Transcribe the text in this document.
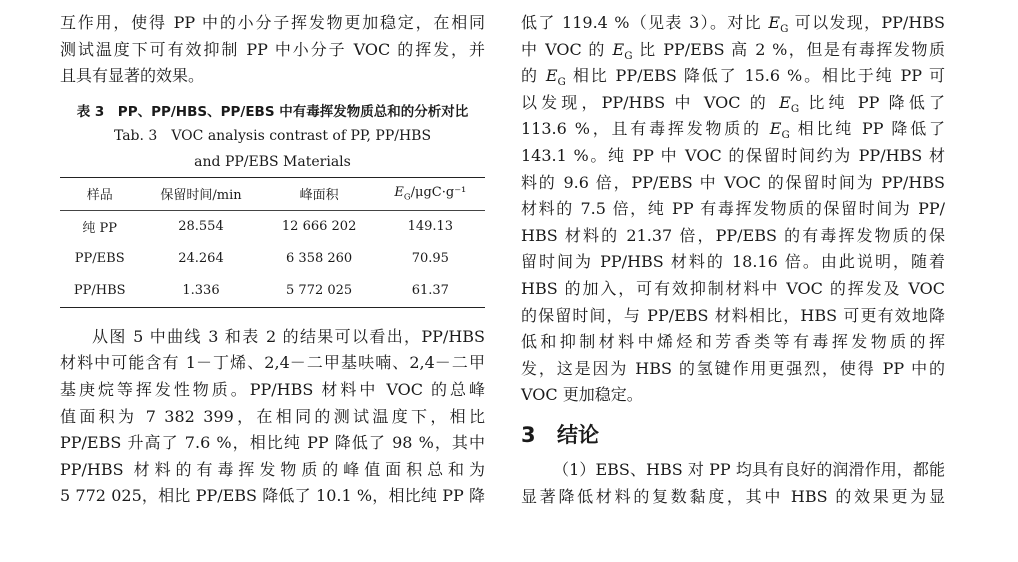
互作用，使得 PP 中的小分子挥发物更加稳定，在相同
测试温度下可有效抑制 PP 中小分子 VOC 的挥发，并
且具有显著的效果。
表 3　PP、PP/HBS、PP/EBS 中有毒挥发物质总和的分析对比
Tab. 3　VOC analysis contrast of PP, PP/HBS
and PP/EBS Materials
样品	保留时间/min	峰面积	$E_G/\mu gC\cdot g^{-1}$
纯 PP	28.554	12 666 202	149.13
PP/EBS	24.264	6 358 260	70.95
PP/HBS	1.336	5 772 025	61.37
从图 5 中曲线 3 和表 2 的结果可以看出，PP/HBS
材料中可能含有 1－丁烯、2,4－二甲基呋喃、2,4－二甲
基庚烷等挥发性物质。PP/HBS 材料中 VOC 的总峰
值面积为 7 382 399，在相同的测试温度下，相比
PP/EBS 升高了 7.6 %，相比纯 PP 降低了 98 %，其中
PP/HBS 材料的有毒挥发物质的峰值面积总和为
5 772 025，相比 PP/EBS 降低了 10.1 %，相比纯 PP 降
低了 119.4 %（见表 3）。对比 $E_G$ 可以发现，PP/HBS
中 VOC 的 $E_G$ 比 PP/EBS 高 2 %，但是有毒挥发物质
的 $E_G$ 相比 PP/EBS 降低了 15.6 %。相比于纯 PP 可
以发现，PP/HBS 中 VOC 的 $E_G$ 比纯 PP 降低了
113.6 %，且有毒挥发物质的 $E_G$ 相比纯 PP 降低了
143.1 %。纯 PP 中 VOC 的保留时间约为 PP/HBS 材
料的 9.6 倍，PP/EBS 中 VOC 的保留时间为 PP/HBS
材料的 7.5 倍，纯 PP 有毒挥发物质的保留时间为 PP/
HBS 材料的 21.37 倍，PP/EBS 的有毒挥发物质的保
留时间为 PP/HBS 材料的 18.16 倍。由此说明，随着
HBS 的加入，可有效抑制材料中 VOC 的挥发及 VOC
的保留时间，与 PP/EBS 材料相比，HBS 可更有效地降
低和抑制材料中烯烃和芳香类等有毒挥发物质的挥
发，这是因为 HBS 的氢键作用更强烈，使得 PP 中的
VOC 更加稳定。
3 结论
（1）EBS、HBS 对 PP 均具有良好的润滑作用，都能
显著降低材料的复数黏度，其中 HBS 的效果更为显
